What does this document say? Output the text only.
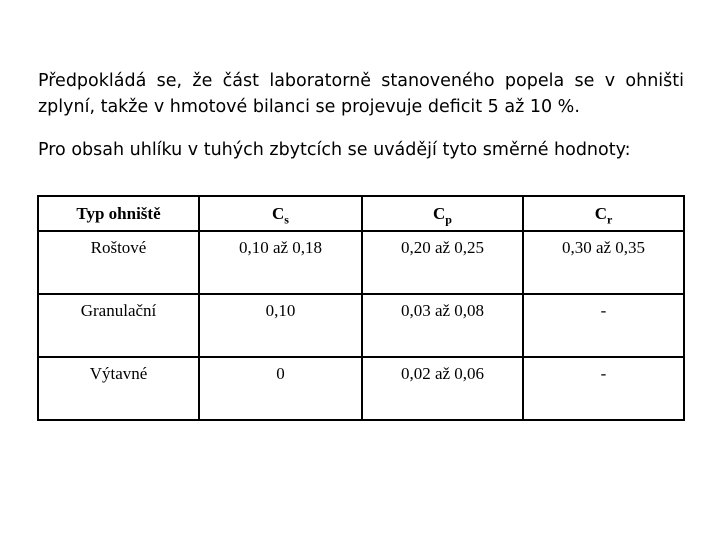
Předpokládá se, že část laboratorně stanoveného popela se v ohništi
zplyní, takže v hmotové bilanci se projevuje deficit 5 až 10 %.

Pro obsah uhlíku v tuhých zbytcích se uvádějí tyto směrné hodnoty:

Typ ohniště	$C_s$	$C_p$	$C_r$
Roštové	0,10 až 0,18	0,20 až 0,25	0,30 až 0,35
Granulační	0,10	0,03 až 0,08	-
Výtavné	0	0,02 až 0,06	-
